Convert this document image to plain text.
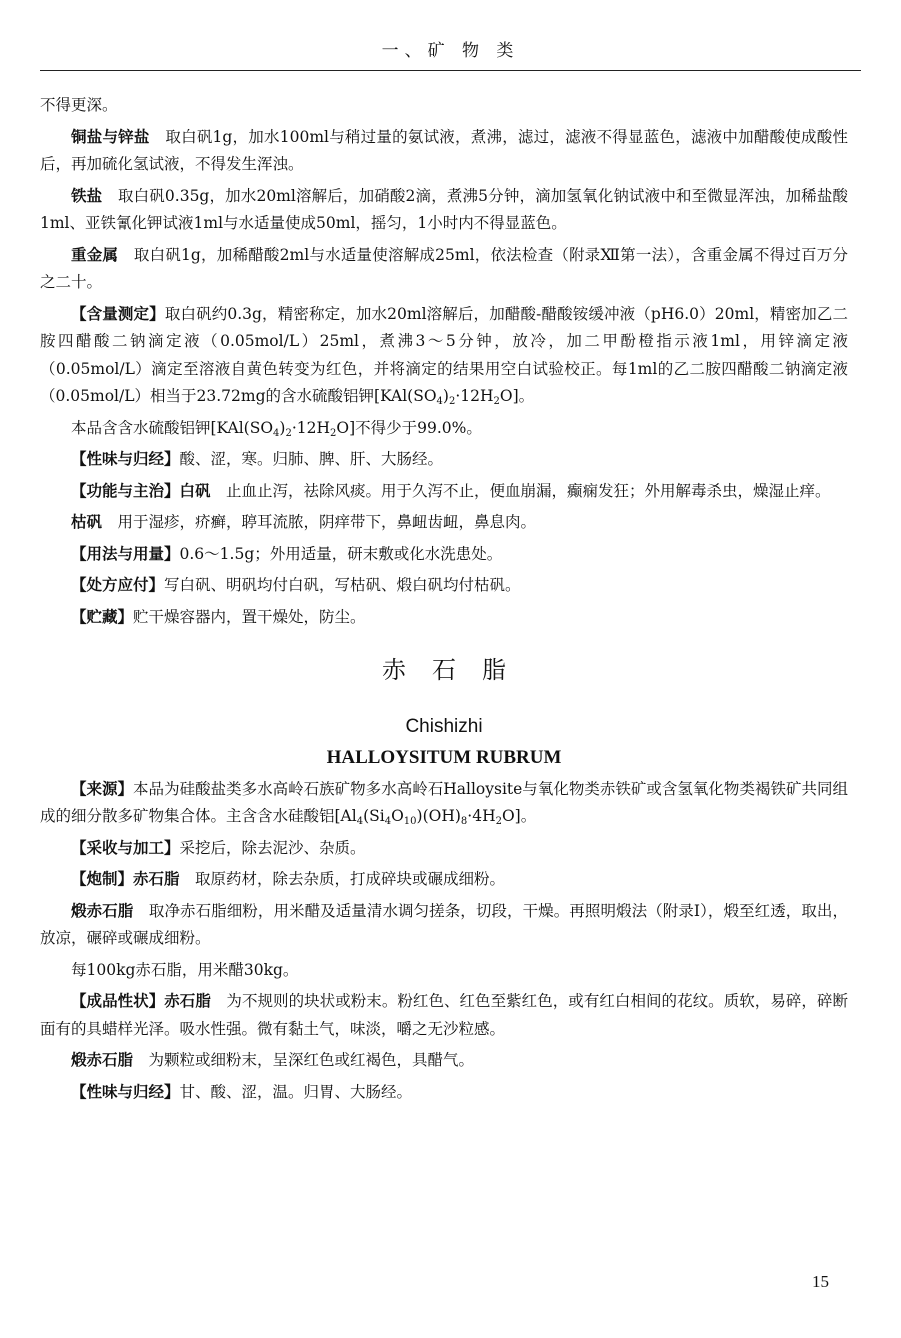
一、矿 物 类

不得更深。

铜盐与锌盐　取白矾1g，加水100ml与稍过量的氨试液，煮沸，滤过，滤液不得显蓝色，滤液中加醋酸使成酸性后，再加硫化氢试液，不得发生浑浊。

铁盐　取白矾0.35g，加水20ml溶解后，加硝酸2滴，煮沸5分钟，滴加氢氧化钠试液中和至微显浑浊，加稀盐酸1ml、亚铁氰化钾试液1ml与水适量使成50ml，摇匀，1小时内不得显蓝色。

重金属　取白矾1g，加稀醋酸2ml与水适量使溶解成25ml，依法检查（附录Ⅻ第一法），含重金属不得过百万分之二十。

【含量测定】取白矾约0.3g，精密称定，加水20ml溶解后，加醋酸-醋酸铵缓冲液（pH6.0）20ml，精密加乙二胺四醋酸二钠滴定液（0.05mol/L）25ml，煮沸3～5分钟，放冷，加二甲酚橙指示液1ml，用锌滴定液（0.05mol/L）滴定至溶液自黄色转变为红色，并将滴定的结果用空白试验校正。每1ml的乙二胺四醋酸二钠滴定液（0.05mol/L）相当于23.72mg的含水硫酸铝钾$[KAl(SO_4)_2\cdot 12H_2O]$。

本品含含水硫酸铝钾$[KAl(SO_4)_2\cdot 12H_2O]$不得少于99.0%。

【性味与归经】酸、涩，寒。归肺、脾、肝、大肠经。

【功能与主治】白矾　止血止泻，祛除风痰。用于久泻不止，便血崩漏，癫痫发狂；外用解毒杀虫，燥湿止痒。

枯矾　用于湿疹，疥癣，聤耳流脓，阴痒带下，鼻衄齿衄，鼻息肉。

【用法与用量】0.6～1.5g；外用适量，研末敷或化水洗患处。

【处方应付】写白矾、明矾均付白矾，写枯矾、煅白矾均付枯矾。

【贮藏】贮干燥容器内，置干燥处，防尘。

赤石脂
Chishizhi
HALLOYSITUM RUBRUM

【来源】本品为硅酸盐类多水高岭石族矿物多水高岭石Halloysite与氧化物类赤铁矿或含氢氧化物类褐铁矿共同组成的细分散多矿物集合体。主含含水硅酸铝$[Al_4(Si_4O_{10})(OH)_8\cdot 4H_2O]$。

【采收与加工】采挖后，除去泥沙、杂质。

【炮制】赤石脂　取原药材，除去杂质，打成碎块或碾成细粉。

煅赤石脂　取净赤石脂细粉，用米醋及适量清水调匀搓条，切段，干燥。再照明煅法（附录Ⅰ），煅至红透，取出，放凉，碾碎或碾成细粉。

每100kg赤石脂，用米醋30kg。

【成品性状】赤石脂　为不规则的块状或粉末。粉红色、红色至紫红色，或有红白相间的花纹。质软，易碎，碎断面有的具蜡样光泽。吸水性强。微有黏土气，味淡，嚼之无沙粒感。

煅赤石脂　为颗粒或细粉末，呈深红色或红褐色，具醋气。

【性味与归经】甘、酸、涩，温。归胃、大肠经。

15
